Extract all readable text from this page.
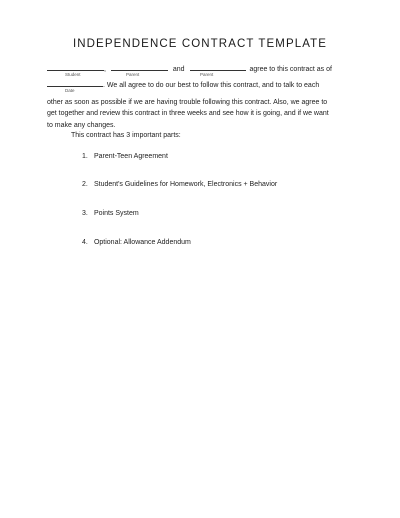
INDEPENDENCE CONTRACT TEMPLATE
,	and	agree to this contract as of
Student	Parent	Parent
. We all agree to do our best to follow this contract, and to talk to each
other as soon as possible if we are having trouble following this contract. Also, we agree to
get together and review this contract in three weeks and see how it is going, and if we want
to make any changes.
Date
This contract has 3 important parts:
1. Parent-Teen Agreement
2. Student's Guidelines for Homework, Electronics + Behavior
3. Points System
4. Optional: Allowance Addendum
